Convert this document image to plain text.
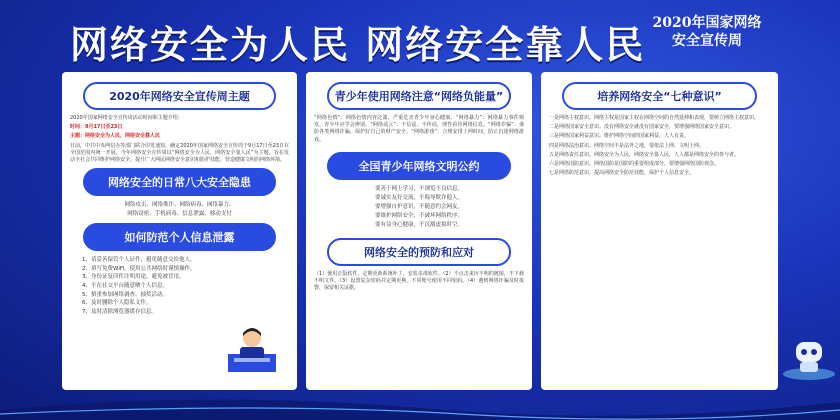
网络安全为人民 网络安全靠人民 2020年国家网络
安全宣传周
2020年网络安全宣传周主题

2020年国家网络安全宣传周活动时间和主题介绍：

时间：9月17日至23日

主题：网络安全为人民，网络安全靠人民

日前，中共中央网信办等部门联合印发通知，确定2020年国家网络安全宣传周于9月17日至23日在全国范围内统一开展。今年网络安全宣传周以“网络安全为人民，网络安全靠人民”为主题，旨在发动全社会共同维护网络安全，提升广大网民网络安全意识和防护技能，营造健康文明的网络环境。

网络安全的日常八大安全隐患
网络攻击、网络欺诈、网络病毒、网络暴力、
网络窃密、手机病毒、信息泄露、移动支付
如何防范个人信息泄露
1、请妥善保管个人证件，避免随意交给他人。
2、填写免费WiFi，使用公共网络时谨慎操作。
3、身份证复印件注明用途，避免被冒用。
4、不在社交平台随意晒个人信息。
5、慎重参加网络调查、抽奖活动。
6、及时删除个人隐私文件。
7、及时清除浏览器缓存信息。
青少年使用网络注意“网络负能量”
“网络色情”：网络色情内容泛滥，严重危害青少年身心健康。“网络暴力”：网络暴力事件频发，青少年应学会辨别。“网络谣言”：不信谣、不传谣，理性看待网络信息。“网络诈骗”：谨防各类网络诈骗，保护好自己的财产安全。“网络游戏”：合理安排上网时间，防止沉迷网络游戏。
全国青少年网络文明公约
要善于网上学习，不浏览不良信息。
要诚实友好交流，不侮辱欺诈他人。
要增强自护意识，不随意约会网友。
要维护网络安全，不破坏网络秩序。
要有益身心健康，不沉溺虚拟时空。
网络安全的预防和应对
（1）使用正版软件，定期更新系统补丁，安装杀毒软件。（2）不点击来历不明的链接，不下载不明文件。（3）设置复杂密码并定期更换，不同账号使用不同密码。（4）遇到网络诈骗及时报警，保留相关证据。
培养网络安全“七种意识”

一是网络主权意识。网络主权是国家主权在网络空间的自然延伸和表现，要树立网络主权意识。

二是网络国家安全意识。没有网络安全就没有国家安全，要增强网络国家安全意识。

三是网络国家利益意识。维护网络空间的国家利益，人人有责。

四是网络法治意识。网络空间不是法外之地，要依法上网、文明上网。

五是网络责任意识。网络安全为人民，网络安全靠人民，人人都是网络安全的参与者。

六是网络国防意识。网络国防是国防的重要组成部分，要增强网络国防观念。

七是网络防范意识。提高网络安全防范技能，保护个人信息安全。
